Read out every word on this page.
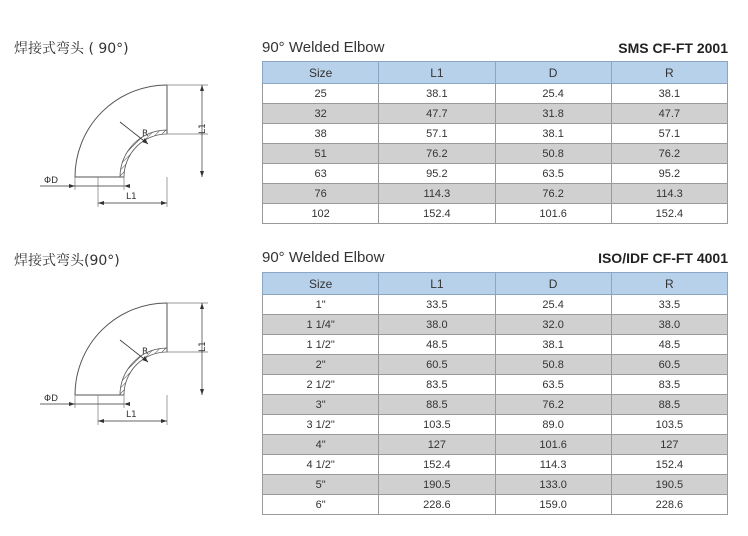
焊接式弯头 ( 90°)
R	L1
ΦD
L1
90° Welded Elbow	SMS CF-FT 2001
Size	L1	D	R
25	38.1	25.4	38.1
32	47.7	31.8	47.7
38	57.1	38.1	57.1
51	76.2	50.8	76.2
63	95.2	63.5	95.2
76	114.3	76.2	114.3
102	152.4	101.6	152.4
焊接式弯头(90°)
R	L1
ΦD
L1
90° Welded Elbow	ISO/IDF CF-FT 4001
Size	L1	D	R
1"	33.5	25.4	33.5
1 1/4"	38.0	32.0	38.0
1 1/2"	48.5	38.1	48.5
2"	60.5	50.8	60.5
2 1/2"	83.5	63.5	83.5
3"	88.5	76.2	88.5
3 1/2"	103.5	89.0	103.5
4"	127	101.6	127
4 1/2"	152.4	114.3	152.4
5"	190.5	133.0	190.5
6"	228.6	159.0	228.6
